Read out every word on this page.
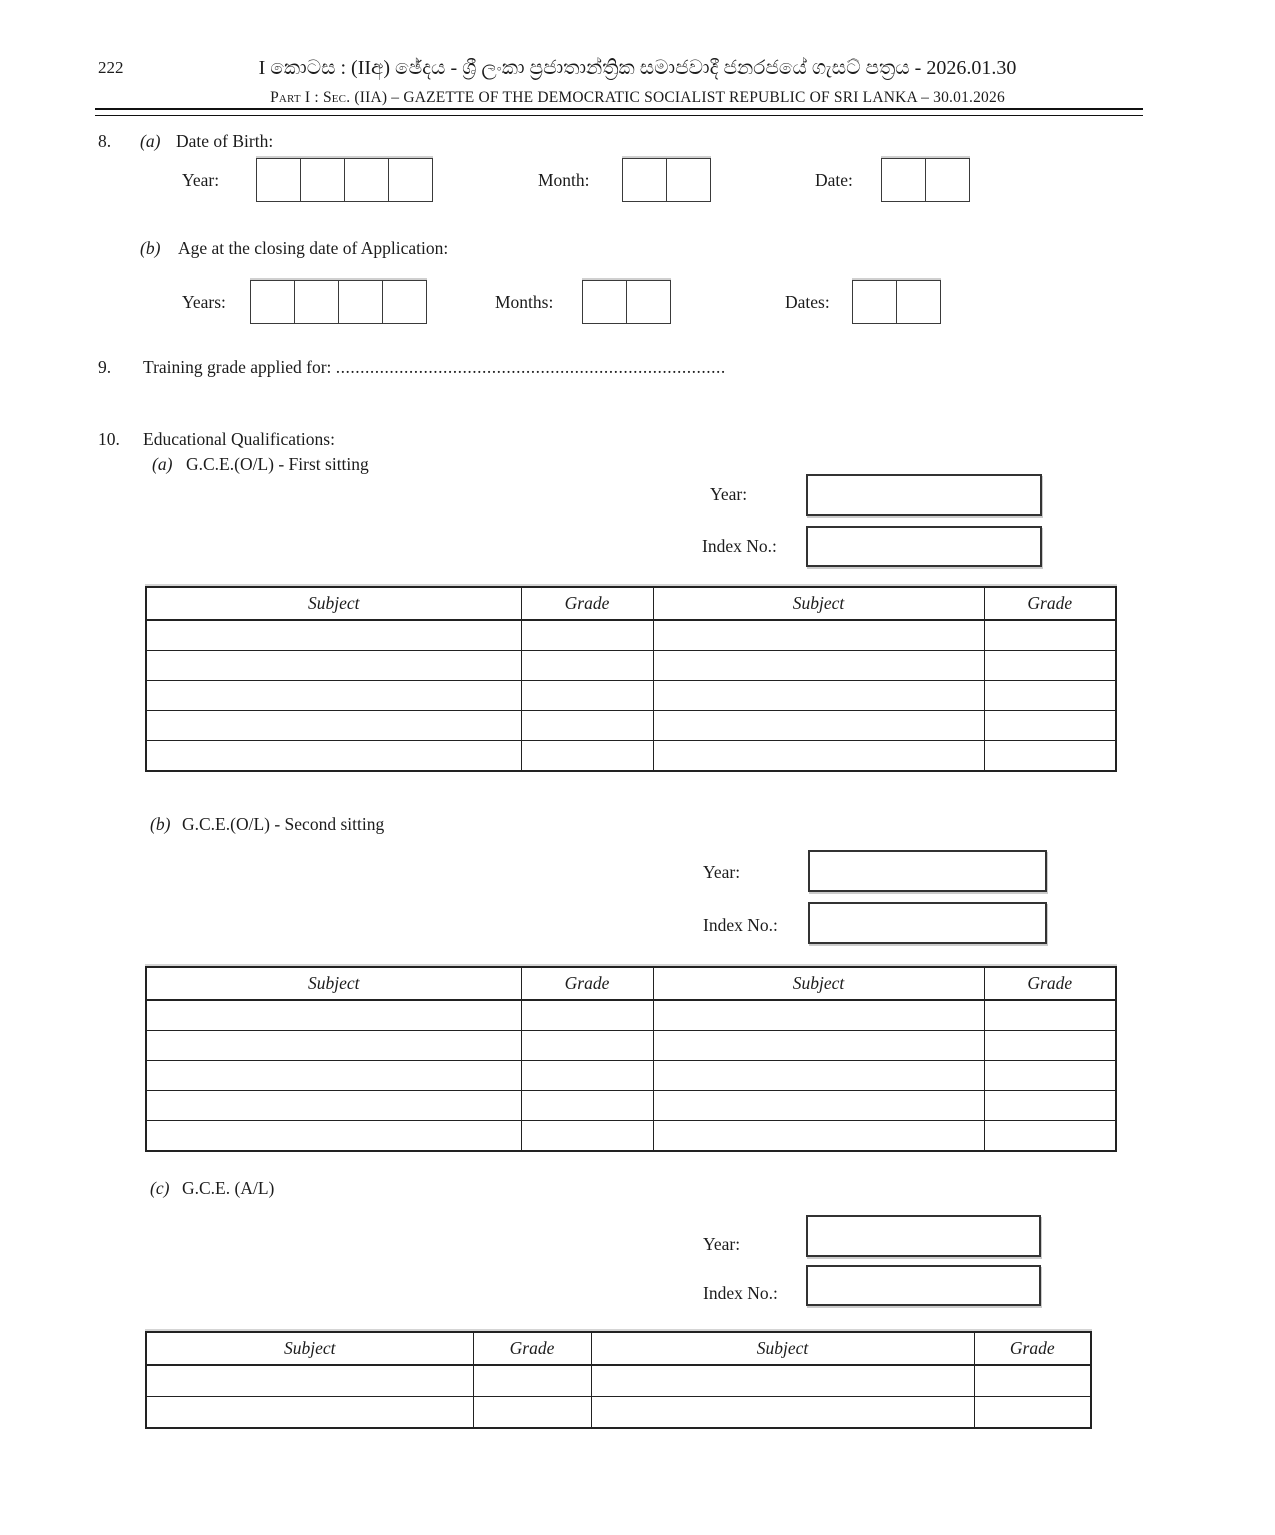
222	I කොටස : (IIඅ) ඡේදය - ශ්‍රී ලංකා ප්‍රජාතාන්ත්‍රික සමාජවාදී ජනරජයේ ගැසට් පත්‍රය - 2026.01.30
Part I : Sec. (IIA) – GAZETTE OF THE DEMOCRATIC SOCIALIST REPUBLIC OF SRI LANKA – 30.01.2026
8. (a) Date of Birth:
Year:	Month:	Date:
(b) Age at the closing date of Application:
Years:	Months:	Dates:
9. Training grade applied for: ................................................................................
10. Educational Qualifications:
(a) G.C.E.(O/L) - First sitting
Year:
Index No.:
Subject	Grade	Subject	Grade

(b) G.C.E.(O/L) - Second sitting
Year:
Index No.:
Subject	Grade	Subject	Grade

(c) G.C.E. (A/L)
Year:
Index No.:
Subject	Grade	Subject	Grade
